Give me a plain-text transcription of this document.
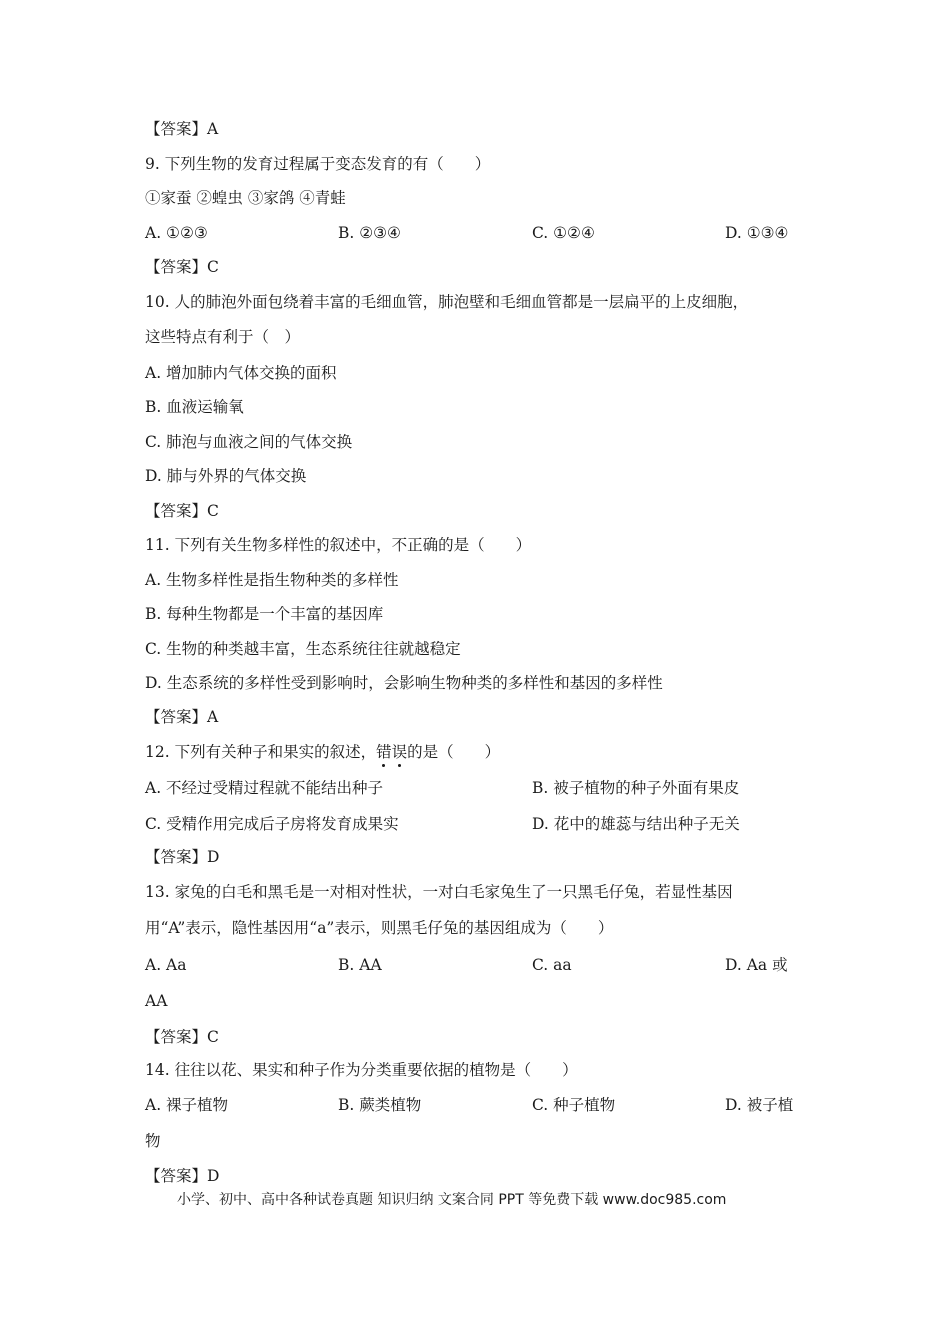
【答案】A
9. 下列生物的发育过程属于变态发育的有（　　）
①家蚕 ②蝗虫 ③家鸽 ④青蛙
A. ①②③	B. ②③④	C. ①②④	D. ①③④
【答案】C
10. 人的肺泡外面包绕着丰富的毛细血管，肺泡壁和毛细血管都是一层扁平的上皮细胞，
这些特点有利于（　）
A. 增加肺内气体交换的面积
B. 血液运输氧
C. 肺泡与血液之间的气体交换
D. 肺与外界的气体交换
【答案】C
11. 下列有关生物多样性的叙述中，不正确的是（　　）
A. 生物多样性是指生物种类的多样性
B. 每种生物都是一个丰富的基因库
C. 生物的种类越丰富，生态系统往往就越稳定
D. 生态系统的多样性受到影响时，会影响生物种类的多样性和基因的多样性
【答案】A
12. 下列有关种子和果实的叙述，错误的是（　　）
A. 不经过受精过程就不能结出种子	B. 被子植物的种子外面有果皮
C. 受精作用完成后子房将发育成果实	D. 花中的雄蕊与结出种子无关
【答案】D
13. 家兔的白毛和黑毛是一对相对性状，一对白毛家兔生了一只黑毛仔兔，若显性基因
用“A”表示，隐性基因用“a”表示，则黑毛仔兔的基因组成为（　　）
A. Aa	B. AA	C. aa	D. Aa 或
AA
【答案】C
14. 往往以花、果实和种子作为分类重要依据的植物是（　　）
A. 裸子植物	B. 蕨类植物	C. 种子植物	D. 被子植
物
【答案】D
小学、初中、高中各种试卷真题 知识归纳 文案合同 PPT 等免费下载 www.doc985.com
